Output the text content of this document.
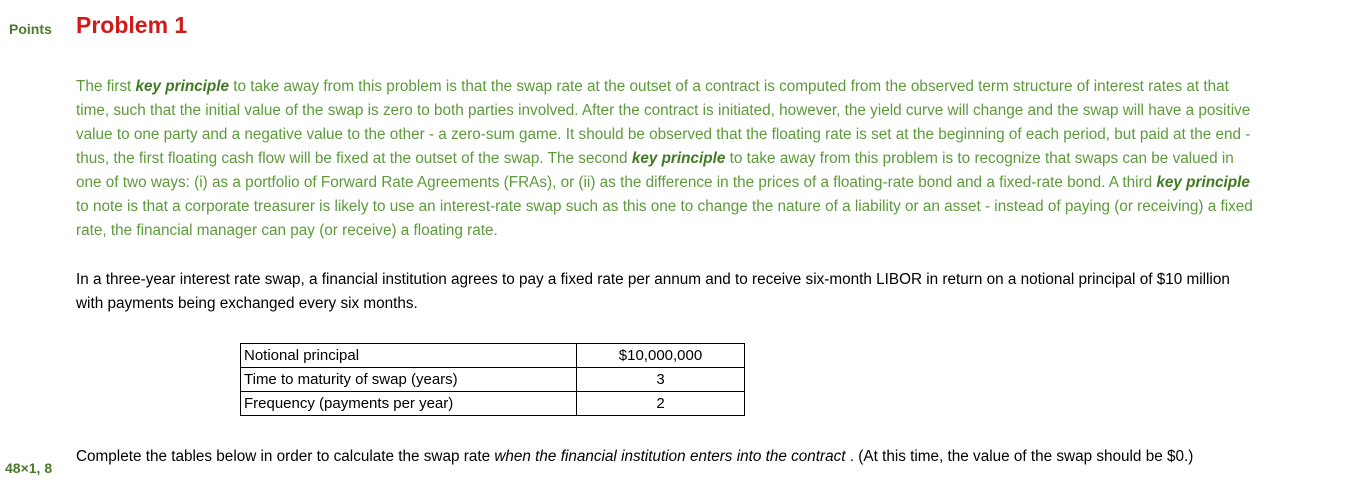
Points Problem 1
The first key principle to take away from this problem is that the swap rate at the outset of a contract is computed from the observed term structure of interest rates at that time, such that the initial value of the swap is zero to both parties involved. After the contract is initiated, however, the yield curve will change and the swap will have a positive value to one party and a negative value to the other - a zero-sum game. It should be observed that the floating rate is set at the beginning of each period, but paid at the end - thus, the first floating cash flow will be fixed at the outset of the swap. The second key principle to take away from this problem is to recognize that swaps can be valued in one of two ways: (i) as a portfolio of Forward Rate Agreements (FRAs), or (ii) as the difference in the prices of a floating-rate bond and a fixed-rate bond. A third key principle to note is that a corporate treasurer is likely to use an interest-rate swap such as this one to change the nature of a liability or an asset - instead of paying (or receiving) a fixed rate, the financial manager can pay (or receive) a floating rate.
In a three-year interest rate swap, a financial institution agrees to pay a fixed rate per annum and to receive six-month LIBOR in return on a notional principal of $10 million with payments being exchanged every six months.
Notional principal	$10,000,000
Time to maturity of swap (years)	3
Frequency (payments per year)	2
48×1, 8
Complete the tables below in order to calculate the swap rate when the financial institution enters into the contract . (At this time, the value of the swap should be $0.)
